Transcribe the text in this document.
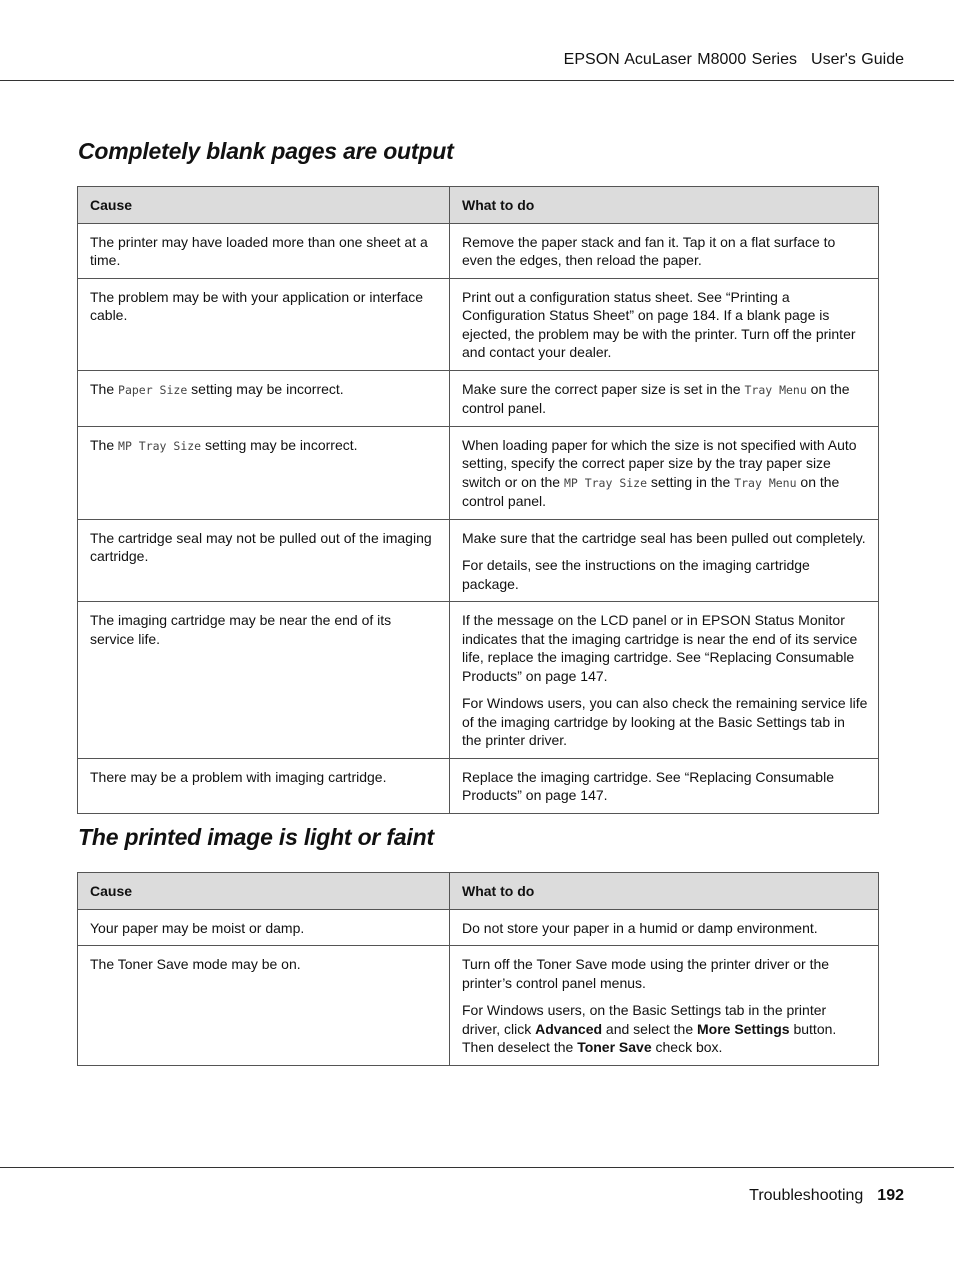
EPSON AcuLaser M8000 Series User's Guide
Completely blank pages are output
Cause	What to do
The printer may have loaded more than one sheet at a time.	Remove the paper stack and fan it. Tap it on a flat surface to even the edges, then reload the paper.
The problem may be with your application or interface cable.	Print out a configuration status sheet. See “Printing a Configuration Status Sheet” on page 184. If a blank page is ejected, the problem may be with the printer. Turn off the printer and contact your dealer.
The Paper Size setting may be incorrect.	Make sure the correct paper size is set in the Tray Menu on the control panel.
The MP Tray Size setting may be incorrect.	When loading paper for which the size is not specified with Auto setting, specify the correct paper size by the tray paper size switch or on the MP Tray Size setting in the Tray Menu on the control panel.
The cartridge seal may not be pulled out of the imaging cartridge.	Make sure that the cartridge seal has been pulled out completely.

For details, see the instructions on the imaging cartridge package.

The imaging cartridge may be near the end of its service life.	If the message on the LCD panel or in EPSON Status Monitor indicates that the imaging cartridge is near the end of its service life, replace the imaging cartridge. See “Replacing Consumable Products” on page 147.

For Windows users, you can also check the remaining service life of the imaging cartridge by looking at the Basic Settings tab in the printer driver.

There may be a problem with imaging cartridge.	Replace the imaging cartridge. See “Replacing Consumable Products” on page 147.
The printed image is light or faint
Cause	What to do
Your paper may be moist or damp.	Do not store your paper in a humid or damp environment.
The Toner Save mode may be on.	Turn off the Toner Save mode using the printer driver or the printer’s control panel menus.

For Windows users, on the Basic Settings tab in the printer driver, click Advanced and select the More Settings button. Then deselect the Toner Save check box.

Troubleshooting 192
